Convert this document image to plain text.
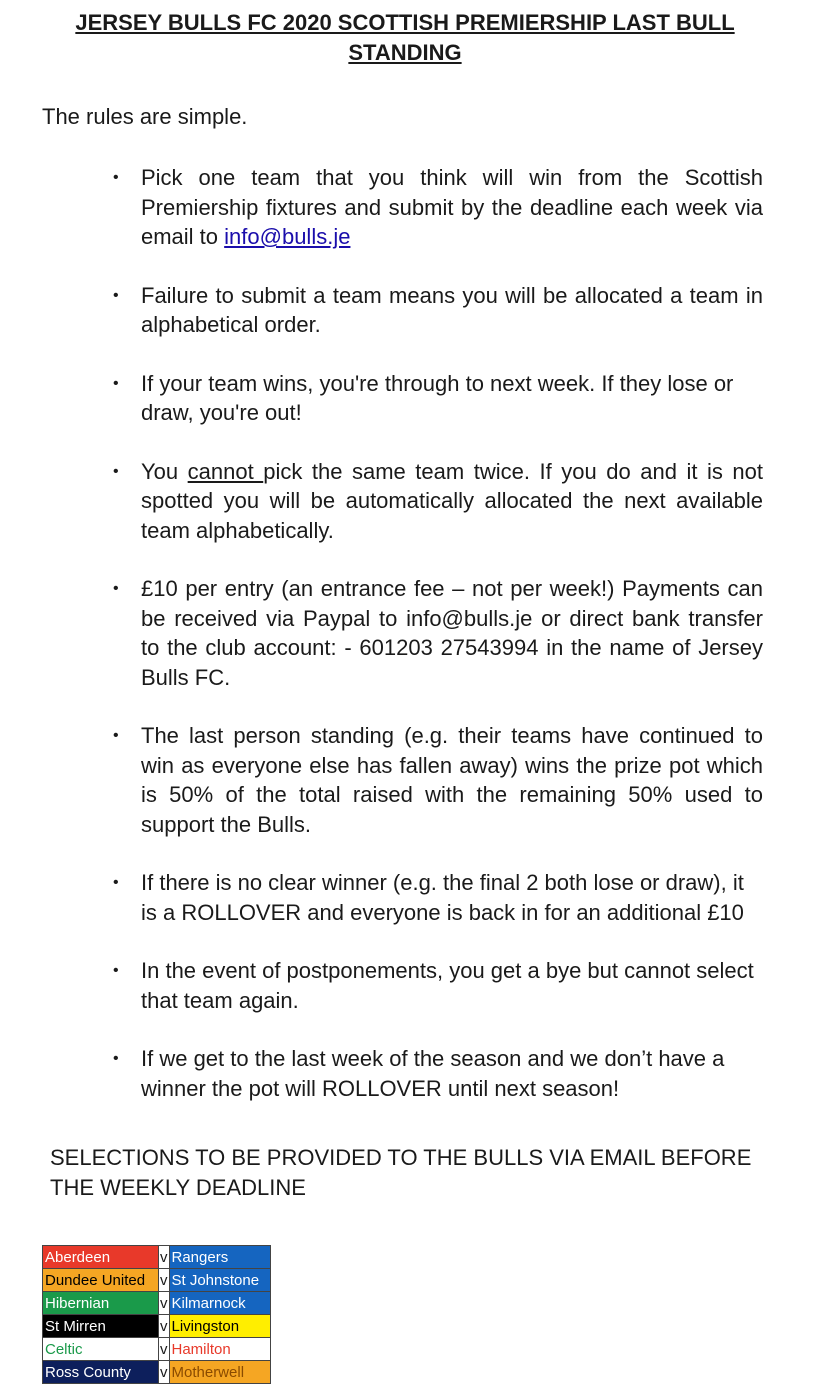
JERSEY BULLS FC 2020 SCOTTISH PREMIERSHIP LAST BULL STANDING

The rules are simple.

• Pick one team that you think will win from the Scottish Premiership fixtures and submit by the deadline each week via email to info@bulls.je
• Failure to submit a team means you will be allocated a team in alphabetical order.
• If your team wins, you're through to next week. If they lose or draw, you're out!
• You cannot pick the same team twice. If you do and it is not spotted you will be automatically allocated the next available team alphabetically.
• £10 per entry (an entrance fee – not per week!) Payments can be received via Paypal to info@bulls.je or direct bank transfer to the club account: - 601203 27543994 in the name of Jersey Bulls FC.
• The last person standing (e.g. their teams have continued to win as everyone else has fallen away) wins the prize pot which is 50% of the total raised with the remaining 50% used to support the Bulls.
• If there is no clear winner (e.g. the final 2 both lose or draw), it is a ROLLOVER and everyone is back in for an additional £10
• In the event of postponements, you get a bye but cannot select that team again.
• If we get to the last week of the season and we don’t have a winner the pot will ROLLOVER until next season!

SELECTIONS TO BE PROVIDED TO THE BULLS VIA EMAIL BEFORE THE WEEKLY DEADLINE

Aberdeen	v	Rangers
Dundee United	v	St Johnstone
Hibernian	v	Kilmarnock
St Mirren	v	Livingston
Celtic	v	Hamilton
Ross County	v	Motherwell
